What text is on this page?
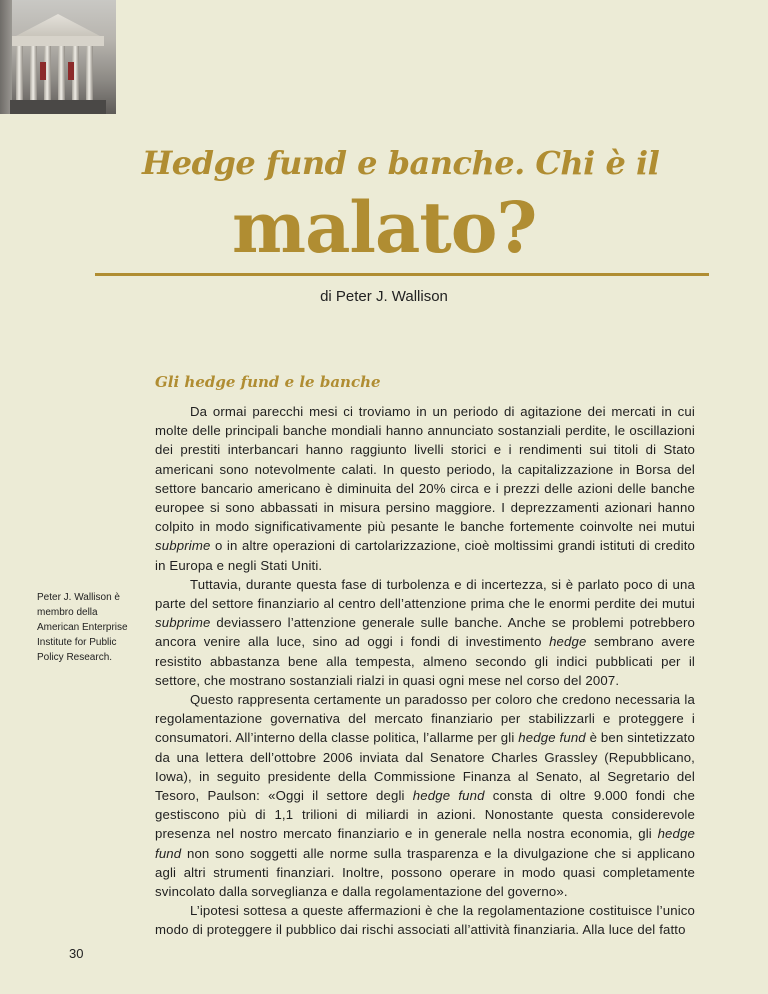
Hedge fund e banche. Chi è il
malato?
di Peter J. Wallison
Gli hedge fund e le banche
Peter J. Wallison è membro della American Enterprise Institute for Public Policy Research.

Da ormai parecchi mesi ci troviamo in un periodo di agitazione dei mercati in cui molte delle principali banche mondiali hanno annunciato sostanziali perdite, le oscillazioni dei prestiti interbancari hanno raggiunto livelli storici e i rendimenti sui titoli di Stato americani sono notevolmente calati. In questo periodo, la capitalizzazione in Borsa del settore bancario americano è diminuita del 20% circa e i prezzi delle azioni delle banche europee si sono abbassati in misura persino maggiore. I deprezzamenti azionari hanno colpito in modo significativamente più pesante le banche fortemente coinvolte nei mutui subprime o in altre operazioni di cartolarizzazione, cioè moltissimi grandi istituti di credito in Europa e negli Stati Uniti.

Tuttavia, durante questa fase di turbolenza e di incertezza, si è parlato poco di una parte del settore finanziario al centro dell’attenzione prima che le enormi perdite dei mutui subprime deviassero l’attenzione generale sulle banche. Anche se problemi potrebbero ancora venire alla luce, sino ad oggi i fondi di investimento hedge sembrano avere resistito abbastanza bene alla tempesta, almeno secondo gli indici pubblicati per il settore, che mostrano sostanziali rialzi in quasi ogni mese nel corso del 2007.

Questo rappresenta certamente un paradosso per coloro che credono necessaria la regolamentazione governativa del mercato finanziario per stabilizzarli e proteggere i consumatori. All’interno della classe politica, l’allarme per gli hedge fund è ben sintetizzato da una lettera dell’ottobre 2006 inviata dal Senatore Charles Grassley (Repubblicano, Iowa), in seguito presidente della Commissione Finanza al Senato, al Segretario del Tesoro, Paulson: «Oggi il settore degli hedge fund consta di oltre 9.000 fondi che gestiscono più di 1,1 trilioni di miliardi in azioni. Nonostante questa considerevole presenza nel nostro mercato finanziario e in generale nella nostra economia, gli hedge fund non sono soggetti alle norme sulla trasparenza e la divulgazione che si applicano agli altri strumenti finanziari. Inoltre, possono operare in modo quasi completamente svincolato dalla sorveglianza e dalla regolamentazione del governo».

L’ipotesi sottesa a queste affermazioni è che la regolamentazione costituisce l’unico modo di proteggere il pubblico dai rischi associati all’attività finanziaria. Alla luce del fatto

30
